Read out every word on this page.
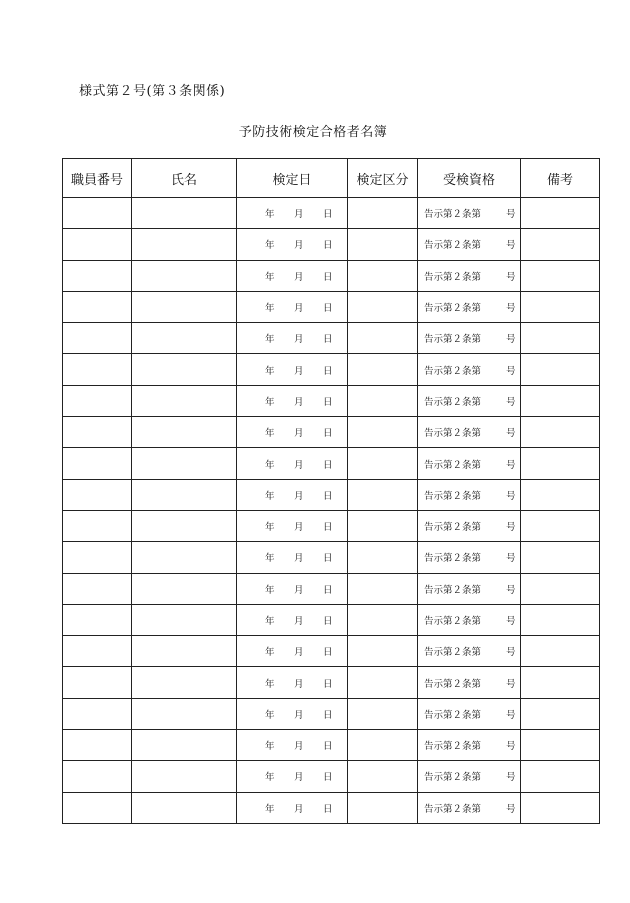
様式第２号(第３条関係)
予防技術検定合格者名簿
職員番号	氏名	検定日	検定区分	受検資格	備考

		年 月 日		告示第２条第 号	

		年 月 日		告示第２条第 号	

		年 月 日		告示第２条第 号	

		年 月 日		告示第２条第 号	

		年 月 日		告示第２条第 号	

		年 月 日		告示第２条第 号	

		年 月 日		告示第２条第 号	

		年 月 日		告示第２条第 号	

		年 月 日		告示第２条第 号	

		年 月 日		告示第２条第 号	

		年 月 日		告示第２条第 号	

		年 月 日		告示第２条第 号	

		年 月 日		告示第２条第 号	

		年 月 日		告示第２条第 号	

		年 月 日		告示第２条第 号	

		年 月 日		告示第２条第 号	

		年 月 日		告示第２条第 号	

		年 月 日		告示第２条第 号	

		年 月 日		告示第２条第 号	

		年 月 日		告示第２条第 号	
